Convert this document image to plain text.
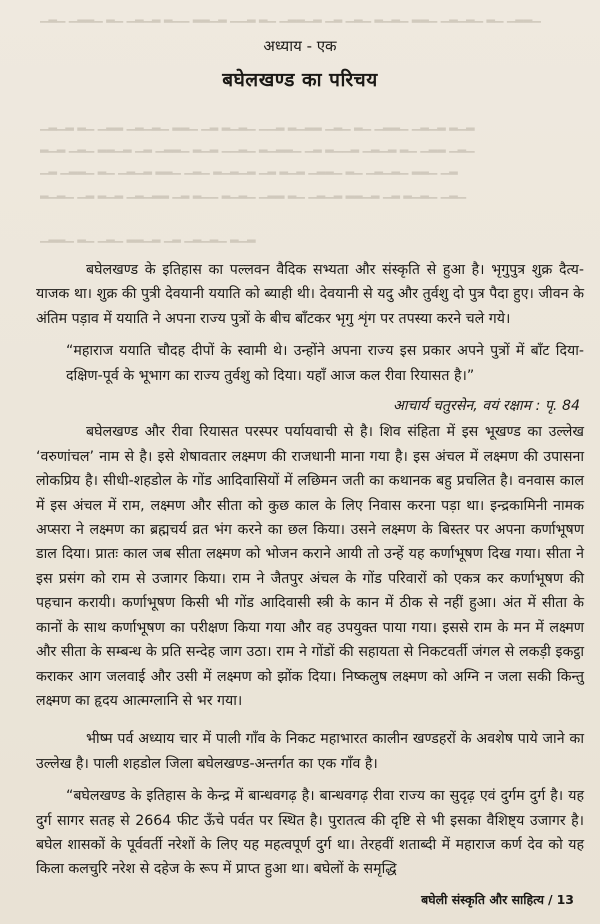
▁▂▁ ▁▂▂▁ ▂▁ ▁▂▁▂ ▂▁▁ ▂▂▁▂ ▁▁▂ ▂▁ ▁▂▂▁▂ ▁▂ ▁▂▁ ▂▁▂▁ ▂▂▁ ▁▂▁▂▁ ▂▁ ▁▂▂▁
▁▂▁▂ ▂▁ ▁▂▂ ▁▂▁▂▁ ▂▂▁ ▁▂ ▂▁▂▁ ▁▁▂ ▂▁▂▂ ▁▂▁ ▂▁ ▁▂▂▁ ▁▂▁▂ ▂▁▂
▂▁▂ ▁▂▁ ▂▂▁▂ ▁▂ ▁▂▂▁ ▂▁▂ ▁▁▂▁ ▂▁▂▂▁ ▁▂ ▂▁▁▂ ▁▂▁▂ ▂▁ ▁▂▂ ▁▂▁
▁▂ ▁▂▂▁ ▂▁ ▁▂▁▂ ▂▂▁ ▁▂▁ ▂▁▂▁▂ ▁▂ ▂▁▂ ▁▂▂▁ ▂▁ ▁▂▁▂▁ ▂▂▁ ▁▂
▂▁▂▁ ▁▂ ▂▁▂ ▁▂▁▂▂ ▁▂ ▂▁▁ ▂▁▂▁ ▁▂▂ ▂▁ ▁▂▁▂ ▂▂▁▂ ▁▂ ▂▁▂▁ ▁▂▁
▁▂▂▁ ▂▁ ▁▂▁ ▂▂▁▂ ▁▂ ▁▂▁▂▁ ▂▁▂
अध्याय - एक
बघेलखण्ड का परिचय

बघेलखण्ड के इतिहास का पल्लवन वैदिक सभ्यता और संस्कृति से हुआ है। भृगुपुत्र शुक्र दैत्य-याजक था। शुक्र की पुत्री देवयानी ययाति को ब्याही थी। देवयानी से यदु और तुर्वशु दो पुत्र पैदा हुए। जीवन के अंतिम पड़ाव में ययाति ने अपना राज्य पुत्रों के बीच बाँटकर भृगु शृंग पर तपस्या करने चले गये।

“महाराज ययाति चौदह दीपों के स्वामी थे। उन्होंने अपना राज्य इस प्रकार अपने पुत्रों में बाँट दिया- दक्षिण-पूर्व के भूभाग का राज्य तुर्वशु को दिया। यहाँ आज कल रीवा रियासत है।”

आचार्य चतुरसेन, वयं रक्षाम : पृ. 84

बघेलखण्ड और रीवा रियासत परस्पर पर्यायवाची से है। शिव संहिता में इस भूखण्ड का उल्लेख ‘वरुणांचल’ नाम से है। इसे शेषावतार लक्ष्मण की राजधानी माना गया है। इस अंचल में लक्ष्मण की उपासना लोकप्रिय है। सीधी-शहडोल के गोंड आदिवासियों में लछिमन जती का कथानक बहु प्रचलित है। वनवास काल में इस अंचल में राम, लक्ष्मण और सीता को कुछ काल के लिए निवास करना पड़ा था। इन्द्रकामिनी नामक अप्सरा ने लक्ष्मण का ब्रह्मचर्य व्रत भंग करने का छल किया। उसने लक्ष्मण के बिस्तर पर अपना कर्णाभूषण डाल दिया। प्रातः काल जब सीता लक्ष्मण को भोजन कराने आयी तो उन्हें यह कर्णाभूषण दिख गया। सीता ने इस प्रसंग को राम से उजागर किया। राम ने जैतपुर अंचल के गोंड परिवारों को एकत्र कर कर्णाभूषण की पहचान करायी। कर्णाभूषण किसी भी गोंड आदिवासी स्त्री के कान में ठीक से नहीं हुआ। अंत में सीता के कानों के साथ कर्णाभूषण का परीक्षण किया गया और वह उपयुक्त पाया गया। इससे राम के मन में लक्ष्मण और सीता के सम्बन्ध के प्रति सन्देह जाग उठा। राम ने गोंडों की सहायता से निकटवर्ती जंगल से लकड़ी इकट्ठा कराकर आग जलवाई और उसी में लक्ष्मण को झोंक दिया। निष्कलुष लक्ष्मण को अग्नि न जला सकी किन्तु लक्ष्मण का हृदय आत्मग्लानि से भर गया।

भीष्म पर्व अध्याय चार में पाली गाँव के निकट महाभारत कालीन खण्डहरों के अवशेष पाये जाने का उल्लेख है। पाली शहडोल जिला बघेलखण्ड-अन्तर्गत का एक गाँव है।

“बघेलखण्ड के इतिहास के केन्द्र में बान्धवगढ़ है। बान्धवगढ़ रीवा राज्य का सुदृढ़ एवं दुर्गम दुर्ग है। यह दुर्ग सागर सतह से 2664 फीट ऊँचे पर्वत पर स्थित है। पुरातत्व की दृष्टि से भी इसका वैशिष्ट्य उजागर है। बघेल शासकों के पूर्ववर्ती नरेशों के लिए यह महत्वपूर्ण दुर्ग था। तेरहवीं शताब्दी में महाराज कर्ण देव को यह किला कलचुरि नरेश से दहेज के रूप में प्राप्त हुआ था। बघेलों के समृद्धि

बघेली संस्कृति और साहित्य / 13
